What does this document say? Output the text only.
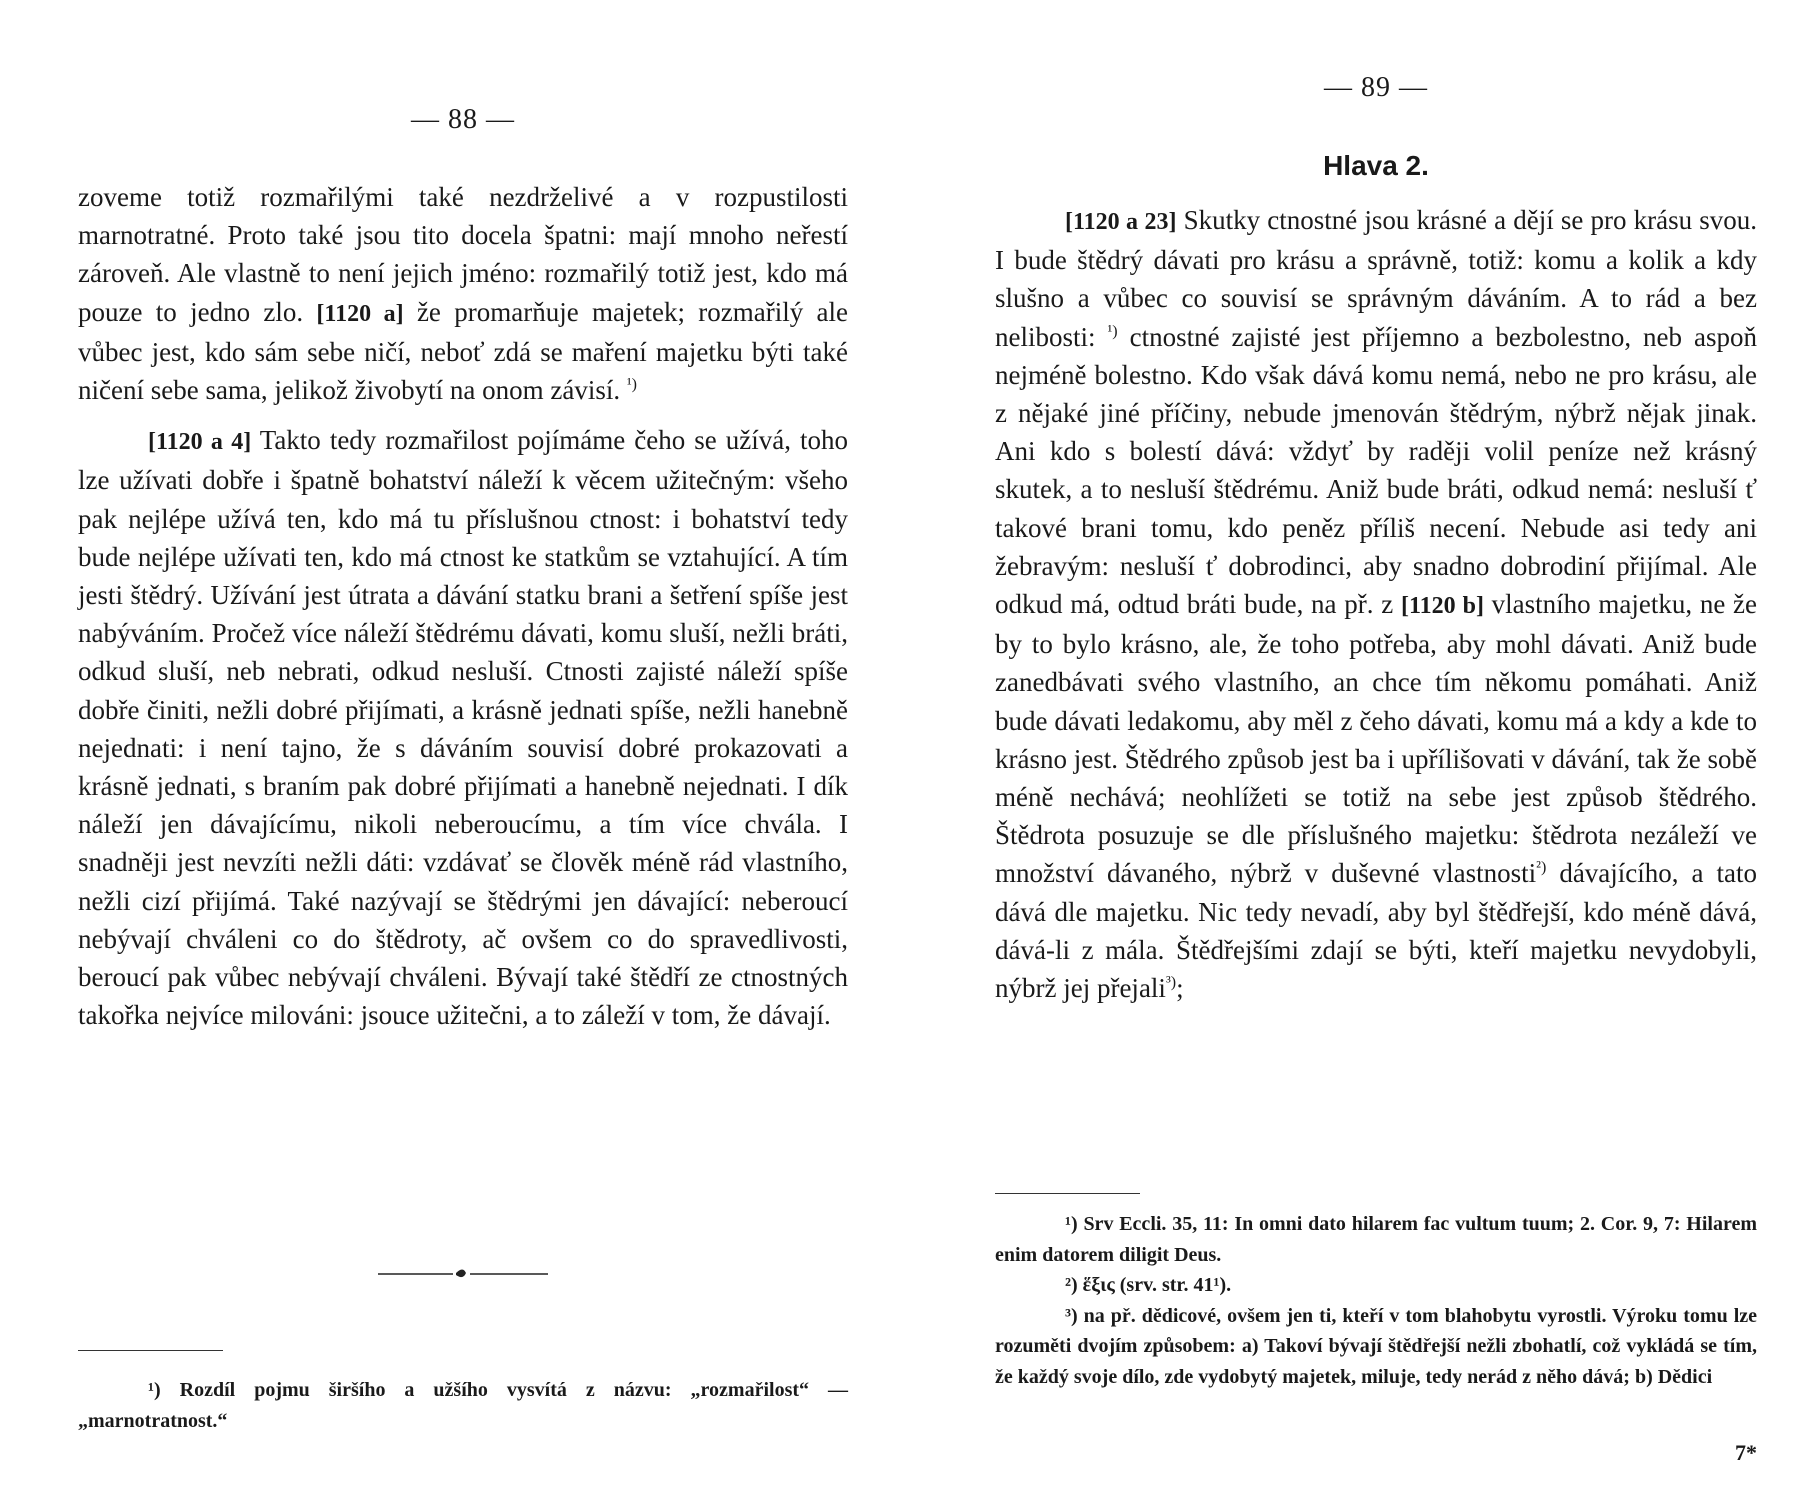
— 88 —

zoveme totiž rozmařilými také nezdrželivé a v rozpustilosti marnotratné. Proto také jsou tito docela špatni: mají mnoho neřestí zároveň. Ale vlastně to není jejich jméno: rozmařilý totiž jest, kdo má pouze to jedno zlo. [1120 a] že promarňuje majetek; rozmařilý ale vůbec jest, kdo sám sebe ničí, neboť zdá se maření majetku býti také ničení sebe sama, jelikož živobytí na onom závisí. $^{^1)}$

[1120 a 4] Takto tedy rozmařilost pojímáme čeho se užívá, toho lze užívati dobře i špatně bohatství náleží k věcem užitečným: všeho pak nejlépe užívá ten, kdo má tu příslušnou ctnost: i bohatství tedy bude nejlépe užívati ten, kdo má ctnost ke statkům se vztahující. A tím jesti štědrý. Užívání jest útrata a dávání statku brani a šetření spíše jest nabýváním. Pročež více náleží štědrému dávati, komu sluší, nežli bráti, odkud sluší, neb nebrati, odkud nesluší. Ctnosti zajisté náleží spíše dobře činiti, nežli dobré přijímati, a krásně jednati spíše, nežli hanebně nejednati: i není tajno, že s dáváním souvisí dobré prokazovati a krásně jednati, s braním pak dobré přijímati a hanebně nejednati. I dík náleží jen dávajícímu, nikoli neberoucímu, a tím více chvála. I snadněji jest nevzíti nežli dáti: vzdávať se člověk méně rád vlastního, nežli cizí přijímá. Také nazývají se štědrými jen dávající: neberoucí nebývají chváleni co do štědroty, ač ovšem co do spravedlivosti, beroucí pak vůbec nebývají chváleni. Bývají také štědří ze ctnostných takořka nejvíce milováni: jsouce užitečni, a to záleží v tom, že dávají.

¹) Rozdíl pojmu širšího a užšího vysvítá z názvu: „rozmařilost“ — „marnotratnost.“

— 89 —
Hlava 2.

[1120 a 23] Skutky ctnostné jsou krásné a dějí se pro krásu svou. I bude štědrý dávati pro krásu a správně, totiž: komu a kolik a kdy slušno a vůbec co souvisí se správným dáváním. A to rád a bez nelibosti: $^{^1)}$ ctnostné zajisté jest příjemno a bezbolestno, neb aspoň nejméně bolestno. Kdo však dává komu nemá, nebo ne pro krásu, ale z nějaké jiné příčiny, nebude jmenován štědrým, nýbrž nějak jinak. Ani kdo s bolestí dává: vždyť by raději volil peníze než krásný skutek, a to nesluší štědrému. Aniž bude bráti, odkud nemá: nesluší ť takové brani tomu, kdo peněz příliš necení. Nebude asi tedy ani žebravým: nesluší ť dobrodinci, aby snadno dobrodiní přijímal. Ale odkud má, odtud bráti bude, na př. z [1120 b] vlastního majetku, ne že by to bylo krásno, ale, že toho potřeba, aby mohl dávati. Aniž bude zanedbávati svého vlastního, an chce tím někomu pomáhati. Aniž bude dávati ledakomu, aby měl z čeho dávati, komu má a kdy a kde to krásno jest. Štědrého způsob jest ba i upřílišovati v dávání, tak že sobě méně nechává; neohlížeti se totiž na sebe jest způsob štědrého. Štědrota posuzuje se dle příslušného majetku: štědrota nezáleží ve množství dávaného, nýbrž v duševné vlastnosti$^{^2)}$ dávajícího, a tato dává dle majetku. Nic tedy nevadí, aby byl štědřejší, kdo méně dává, dává-li z mála. Štědřejšími zdají se býti, kteří majetku nevydobyli, nýbrž jej přejali$^{^3)}$;

¹) Srv Eccli. 35, 11: In omni dato hilarem fac vultum tuum; 2. Cor. 9, 7: Hilarem enim datorem diligit Deus.

²) ἕξις (srv. str. 41¹).

³) na př. dědicové, ovšem jen ti, kteří v tom blahobytu vyrostli. Výroku tomu lze rozuměti dvojím způsobem: a) Takoví bývají štědřejší nežli zbohatlí, což vykládá se tím, že každý svoje dílo, zde vydobytý majetek, miluje, tedy nerád z něho dává; b) Dědici

7*
